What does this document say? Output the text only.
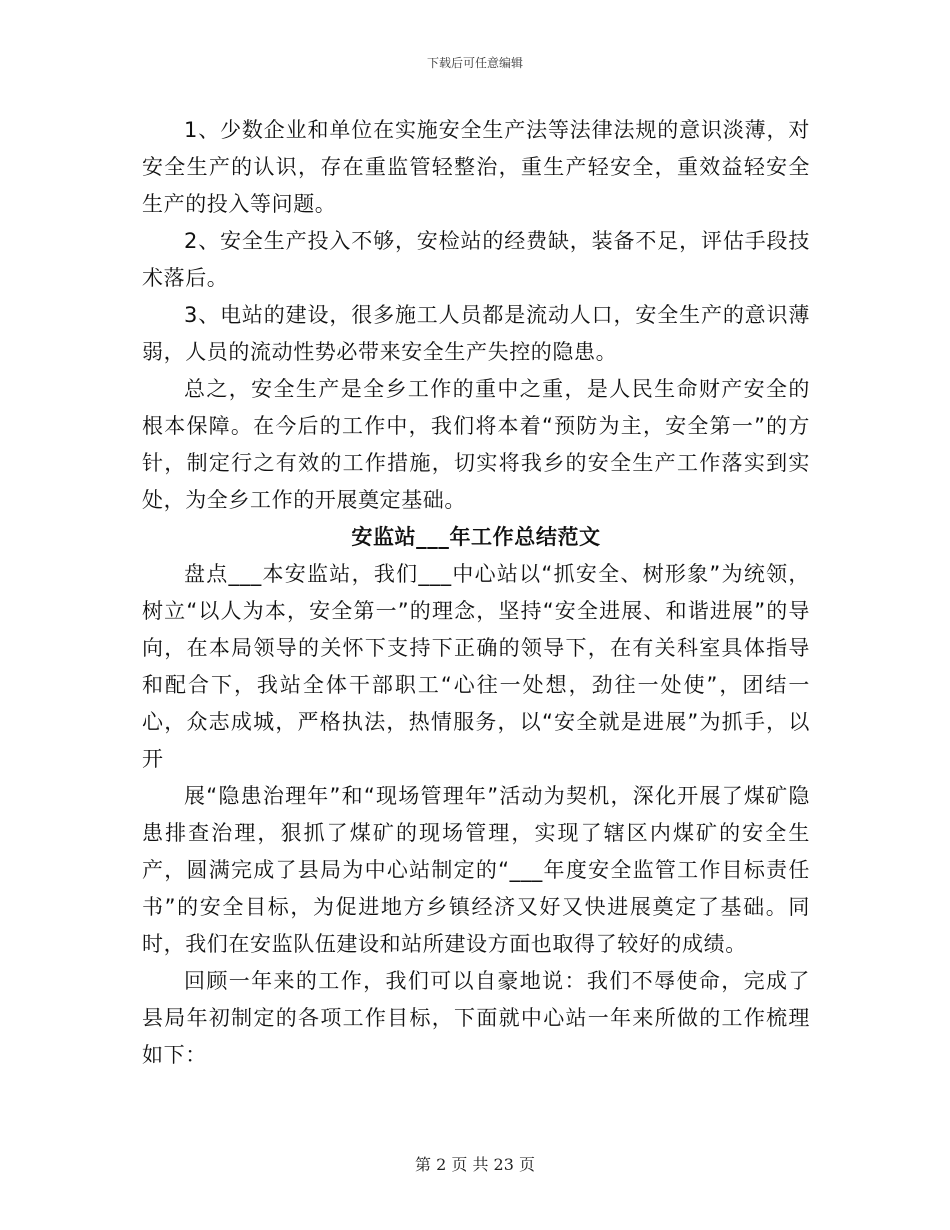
下载后可任意编辑

1、少数企业和单位在实施安全生产法等法律法规的意识淡薄，对安全生产的认识，存在重监管轻整治，重生产轻安全，重效益轻安全生产的投入等问题。

2、安全生产投入不够，安检站的经费缺，装备不足，评估手段技术落后。

3、电站的建设，很多施工人员都是流动人口，安全生产的意识薄弱，人员的流动性势必带来安全生产失控的隐患。

总之，安全生产是全乡工作的重中之重，是人民生命财产安全的根本保障。在今后的工作中，我们将本着“预防为主，安全第一”的方针，制定行之有效的工作措施，切实将我乡的安全生产工作落实到实处，为全乡工作的开展奠定基础。

安监站___年工作总结范文

盘点___本安监站，我们___中心站以“抓安全、树形象”为统领，树立“以人为本，安全第一”的理念，坚持“安全进展、和谐进展”的导向，在本局领导的关怀下支持下正确的领导下，在有关科室具体指导和配合下，我站全体干部职工“心往一处想，劲往一处使”，团结一心，众志成城，严格执法，热情服务，以“安全就是进展”为抓手，以开

展“隐患治理年”和“现场管理年”活动为契机，深化开展了煤矿隐患排查治理，狠抓了煤矿的现场管理，实现了辖区内煤矿的安全生产，圆满完成了县局为中心站制定的“___年度安全监管工作目标责任书”的安全目标，为促进地方乡镇经济又好又快进展奠定了基础。同时，我们在安监队伍建设和站所建设方面也取得了较好的成绩。

回顾一年来的工作，我们可以自豪地说：我们不辱使命，完成了县局年初制定的各项工作目标，下面就中心站一年来所做的工作梳理如下：

第 2 页 共 23 页
